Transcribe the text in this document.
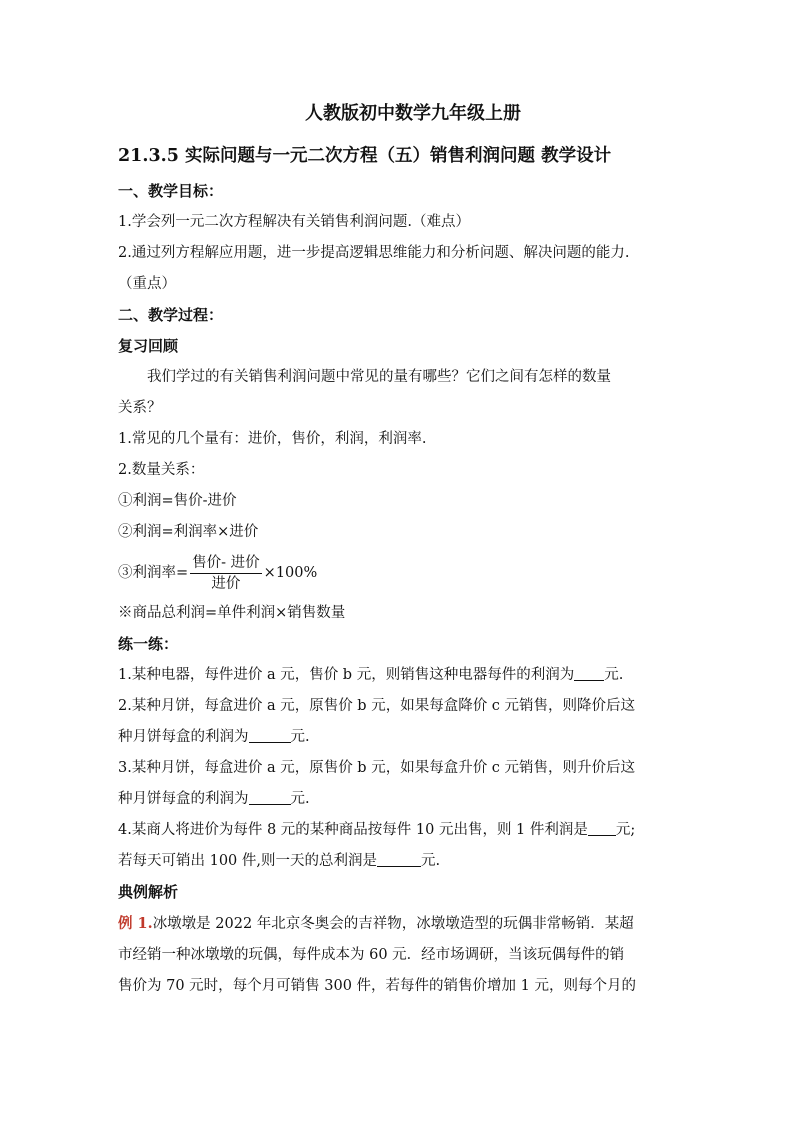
人教版初中数学九年级上册
21.3.5 实际问题与一元二次方程（五）销售利润问题 教学设计
一、教学目标：

1.学会列一元二次方程解决有关销售利润问题.（难点）

2.通过列方程解应用题，进一步提高逻辑思维能力和分析问题、解决问题的能力.

（重点）

二、教学过程：
复习回顾

我们学过的有关销售利润问题中常见的量有哪些？它们之间有怎样的数量

关系？

1.常见的几个量有：进价，售价，利润，利润率.

2.数量关系：

①利润=售价-进价

②利润=利润率×进价

③利润率= $\frac{\text{售价- 进价}}{\text{进价}} \times 100\%$

※商品总利润=单件利润×销售数量

练一练：

1.某种电器，每件进价 a 元，售价 b 元，则销售这种电器每件的利润为 元.

2.某种月饼，每盒进价 a 元，原售价 b 元，如果每盒降价 c 元销售，则降价后这

种月饼每盒的利润为	元.

3.某种月饼，每盒进价 a 元，原售价 b 元，如果每盒升价 c 元销售，则升价后这

种月饼每盒的利润为	元.

4.某商人将进价为每件 8 元的某种商品按每件 10 元出售，则 1 件利润是 元;

若每天可销出 100 件,则一天的总利润是	元.

典例解析

例 1.冰墩墩是 2022 年北京冬奥会的吉祥物，冰墩墩造型的玩偶非常畅销．某超

市经销一种冰墩墩的玩偶，每件成本为 60 元．经市场调研，当该玩偶每件的销

售价为 70 元时，每个月可销售 300 件，若每件的销售价增加 1 元，则每个月的
